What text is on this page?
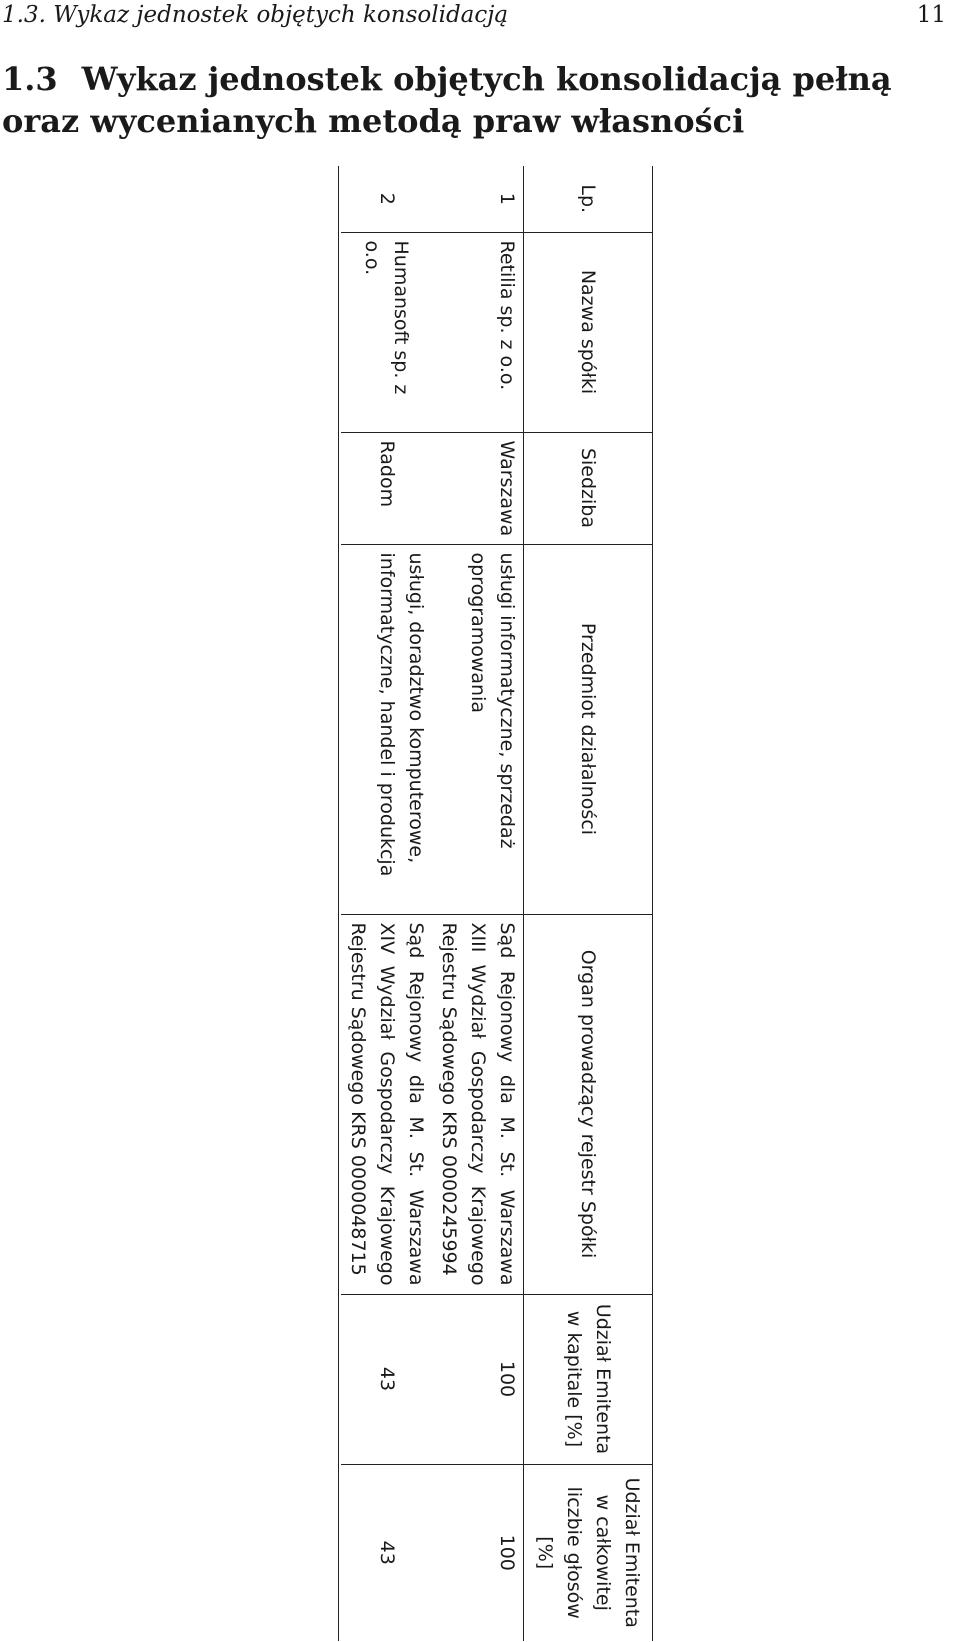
1.3. Wykaz jednostek objętych konsolidacją	11
1.3 Wykaz jednostek objętych konsolidacją pełną oraz wycenianych metodą praw własności
Lp.	Nazwa spółki	Siedziba	Przedmiot działalności	Organ prowadzący rejestr Spółki	Udział Emitenta w kapitale [%]	Udział Emitenta w całkowitej liczbie głosów [%]
1	Retilia sp. z o.o.	Warszawa	usługi informatyczne, sprzedaż oprogramowania	Sąd Rejonowy dla M. St. Warszawa XIII Wydział Gospodarczy Krajowego Rejestru Sądowego KRS 0000245994	100	100
2	Humansoft sp. z o.o.	Radom	usługi, doradztwo komputerowe, informatyczne, handel i produkcja	Sąd Rejonowy dla M. St. Warszawa XIV Wydział Gospodarczy Krajowego Rejestru Sądowego KRS 0000048715	43	43
